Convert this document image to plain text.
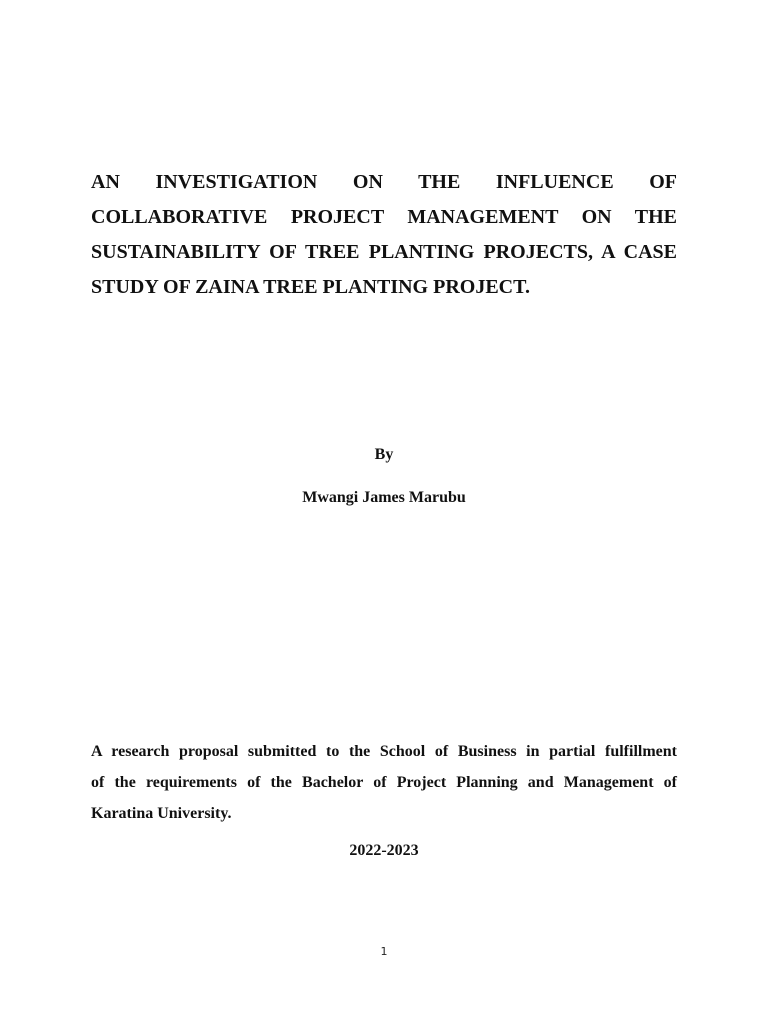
AN INVESTIGATION ON THE INFLUENCE OF
COLLABORATIVE PROJECT MANAGEMENT ON THE
SUSTAINABILITY OF TREE PLANTING PROJECTS, A CASE
STUDY OF ZAINA TREE PLANTING PROJECT.

By

Mwangi James Marubu

A research proposal submitted to the School of Business in partial fulfillment
of the requirements of the Bachelor of Project Planning and Management of
Karatina University.

2022-2023

1
